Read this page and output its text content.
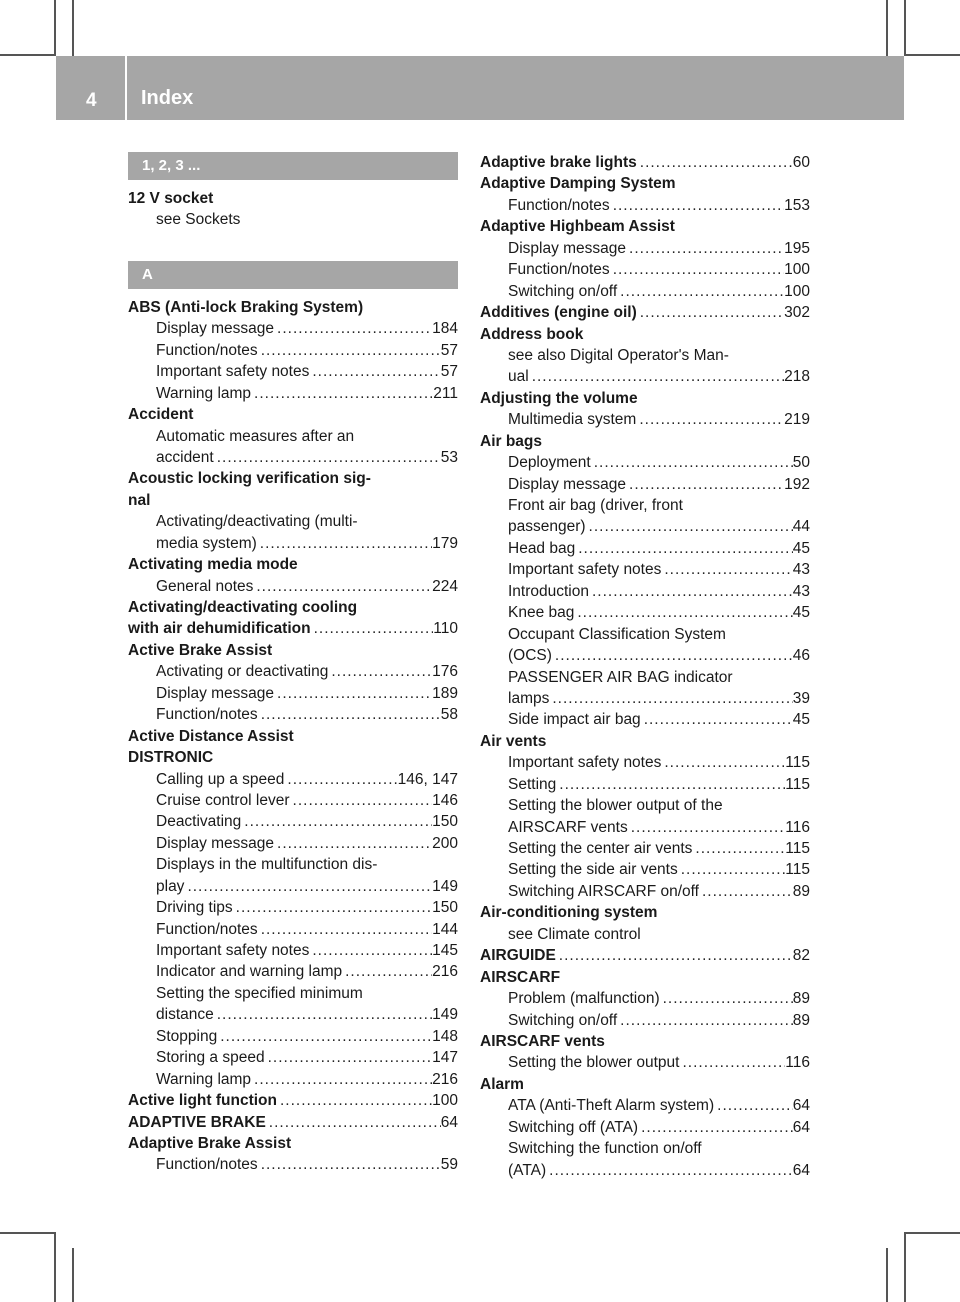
4 Index
1, 2, 3 ...
12 V socket
see Sockets
A
ABS (Anti-lock Braking System)
Display message .....	184
Function/notes .....	57
Important safety notes .....	57
Warning lamp .....	211
Accident
Automatic measures after an
accident .....	53
Acoustic locking verification sig-
nal
Activating/deactivating (multi-
media system) .....	179
Activating media mode
General notes .....	224
Activating/deactivating cooling
with air dehumidification .....	110
Active Brake Assist
Activating or deactivating .....	176
Display message .....	189
Function/notes .....	58
Active Distance Assist
DISTRONIC
Calling up a speed .....	146, 147
Cruise control lever .....	146
Deactivating .....	150
Display message .....	200
Displays in the multifunction dis-
play .....	149
Driving tips .....	150
Function/notes .....	144
Important safety notes .....	145
Indicator and warning lamp .....	216
Setting the specified minimum
distance .....	149
Stopping .....	148
Storing a speed .....	147
Warning lamp .....	216
Active light function .....	100
ADAPTIVE BRAKE .....	64
Adaptive Brake Assist
Function/notes .....	59
Adaptive brake lights .....	60
Adaptive Damping System
Function/notes .....	153
Adaptive Highbeam Assist
Display message .....	195
Function/notes .....	100
Switching on/off .....	100
Additives (engine oil) .....	302
Address book
see also Digital Operator's Man-
ual .....	218
Adjusting the volume
Multimedia system .....	219
Air bags
Deployment .....	50
Display message .....	192
Front air bag (driver, front
passenger) .....	44
Head bag .....	45
Important safety notes .....	43
Introduction .....	43
Knee bag .....	45
Occupant Classification System
(OCS) .....	46
PASSENGER AIR BAG indicator
lamps .....	39
Side impact air bag .....	45
Air vents
Important safety notes .....	115
Setting .....	115
Setting the blower output of the
AIRSCARF vents .....	116
Setting the center air vents .....	115
Setting the side air vents .....	115
Switching AIRSCARF on/off .....	89
Air-conditioning system
see Climate control
AIRGUIDE .....	82
AIRSCARF
Problem (malfunction) .....	89
Switching on/off .....	89
AIRSCARF vents
Setting the blower output .....	116
Alarm
ATA (Anti-Theft Alarm system) .....	64
Switching off (ATA) .....	64
Switching the function on/off
(ATA) .....	64
